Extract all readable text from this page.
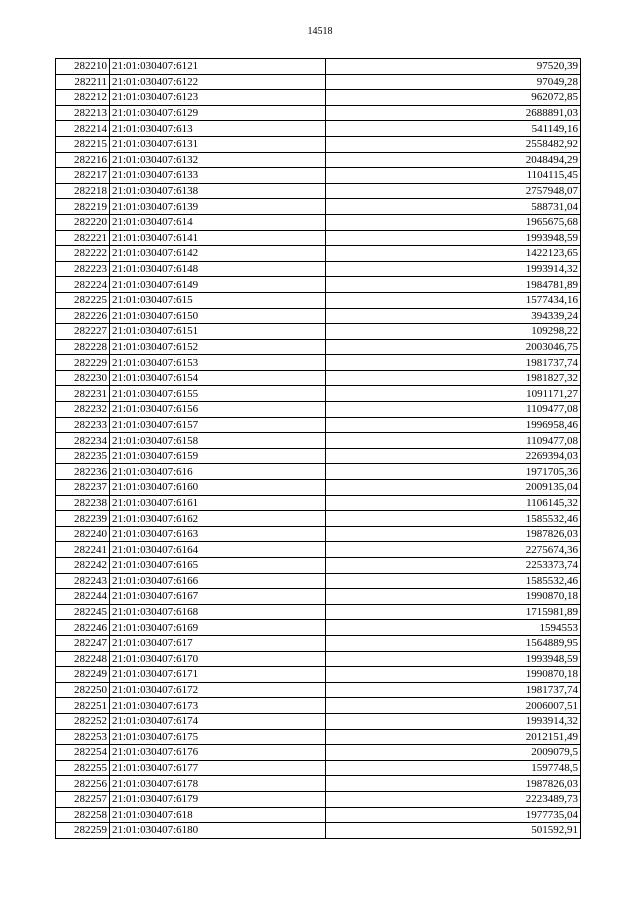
14518
282210	21:01:030407:6121	97520,39
282211	21:01:030407:6122	97049,28
282212	21:01:030407:6123	962072,85
282213	21:01:030407:6129	2688891,03
282214	21:01:030407:613	541149,16
282215	21:01:030407:6131	2558482,92
282216	21:01:030407:6132	2048494,29
282217	21:01:030407:6133	1104115,45
282218	21:01:030407:6138	2757948,07
282219	21:01:030407:6139	588731,04
282220	21:01:030407:614	1965675,68
282221	21:01:030407:6141	1993948,59
282222	21:01:030407:6142	1422123,65
282223	21:01:030407:6148	1993914,32
282224	21:01:030407:6149	1984781,89
282225	21:01:030407:615	1577434,16
282226	21:01:030407:6150	394339,24
282227	21:01:030407:6151	109298,22
282228	21:01:030407:6152	2003046,75
282229	21:01:030407:6153	1981737,74
282230	21:01:030407:6154	1981827,32
282231	21:01:030407:6155	1091171,27
282232	21:01:030407:6156	1109477,08
282233	21:01:030407:6157	1996958,46
282234	21:01:030407:6158	1109477,08
282235	21:01:030407:6159	2269394,03
282236	21:01:030407:616	1971705,36
282237	21:01:030407:6160	2009135,04
282238	21:01:030407:6161	1106145,32
282239	21:01:030407:6162	1585532,46
282240	21:01:030407:6163	1987826,03
282241	21:01:030407:6164	2275674,36
282242	21:01:030407:6165	2253373,74
282243	21:01:030407:6166	1585532,46
282244	21:01:030407:6167	1990870,18
282245	21:01:030407:6168	1715981,89
282246	21:01:030407:6169	1594553
282247	21:01:030407:617	1564889,95
282248	21:01:030407:6170	1993948,59
282249	21:01:030407:6171	1990870,18
282250	21:01:030407:6172	1981737,74
282251	21:01:030407:6173	2006007,51
282252	21:01:030407:6174	1993914,32
282253	21:01:030407:6175	2012151,49
282254	21:01:030407:6176	2009079,5
282255	21:01:030407:6177	1597748,5
282256	21:01:030407:6178	1987826,03
282257	21:01:030407:6179	2223489,73
282258	21:01:030407:618	1977735,04
282259	21:01:030407:6180	501592,91
